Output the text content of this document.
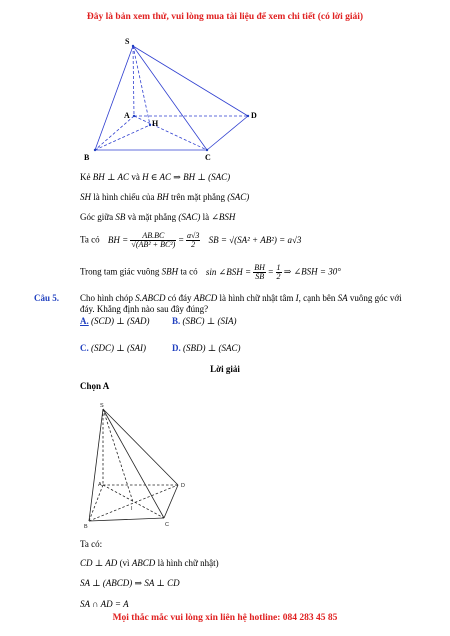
Đây là bản xem thử, vui lòng mua tài liệu để xem chi tiết (có lời giải)
S
A
H
D
B	C
Kẻ BH ⊥ AC và H ∈ AC ⇒ BH ⊥ (SAC)
SH là hình chiếu của BH trên mặt phẳng (SAC)
Góc giữa SB và mặt phẳng (SAC) là ∠BSH
Ta có BH = $\frac{AB.BC}{\text{√(AB² + BC²)}} = \frac{a√3}{2}$ SB = √(SA² + AB²) = a√3
Trong tam giác vuông SBH ta có sin ∠BSH = $\frac{BH}{SB} = \frac{1}{2}$ ⇒ ∠BSH = 30°
Câu 5. Cho hình chóp S.ABCD có đáy ABCD là hình chữ nhật tâm I, cạnh bên SA vuông góc với
đáy. Khẳng định nào sau đây đúng?
A. (SCD) ⊥ (SAD)	B. (SBC) ⊥ (SIA)
C. (SDC) ⊥ (SAI)	D. (SBD) ⊥ (SAC)
Lời giải
Chọn A
S
A	D
B	C
I
Ta có:
CD ⊥ AD (vì ABCD là hình chữ nhật)
SA ⊥ (ABCD) ⇒ SA ⊥ CD
SA ∩ AD = A
Mọi thắc mắc vui lòng xin liên hệ hotline: 084 283 45 85
